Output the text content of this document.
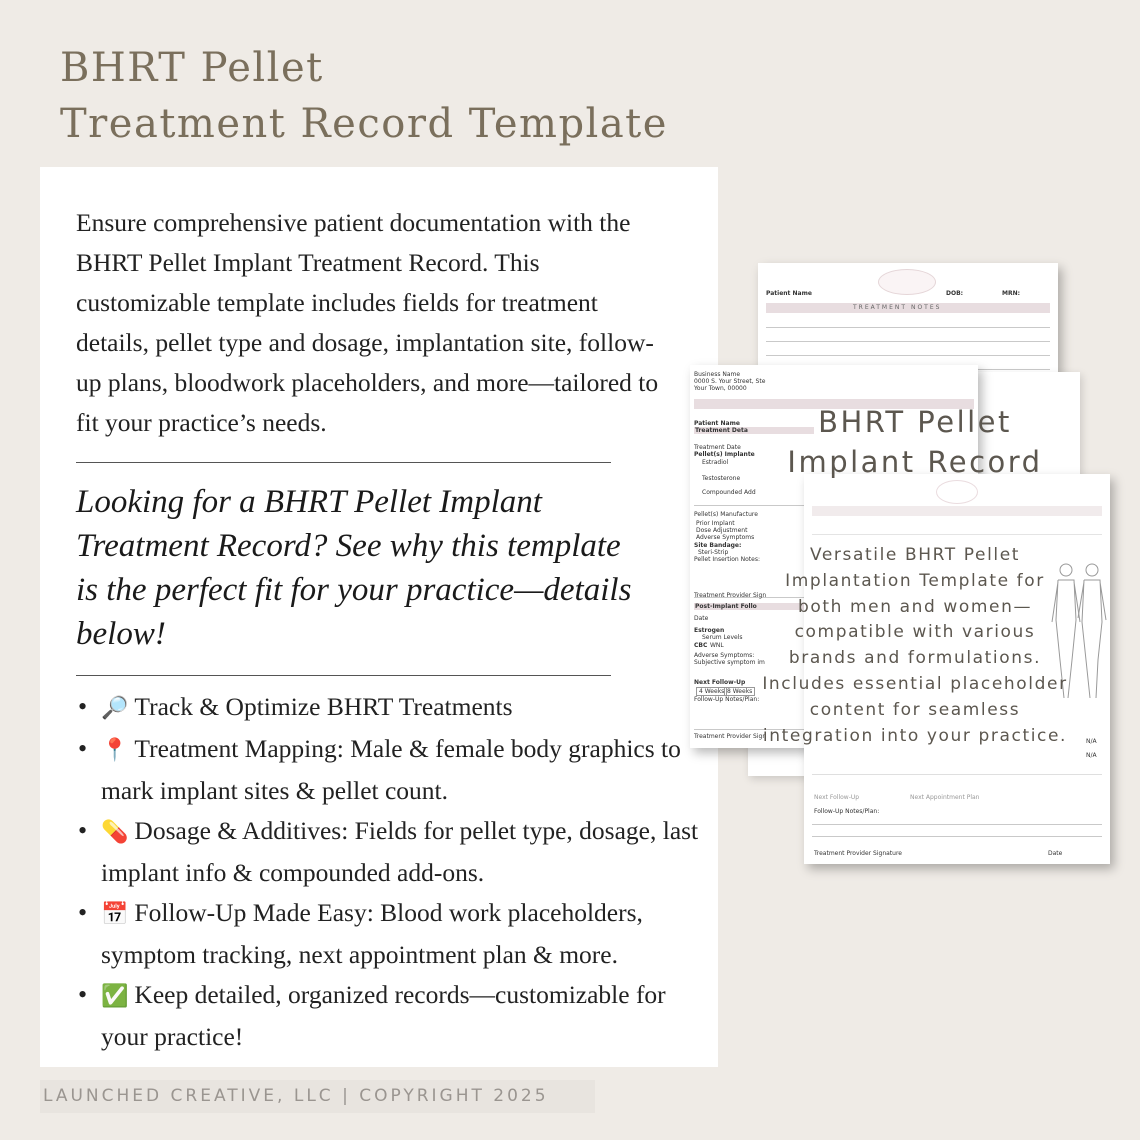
BHRT Pellet
Treatment Record Template
Ensure comprehensive patient documentation with the BHRT Pellet Implant Treatment Record. This customizable template includes fields for treatment details, pellet type and dosage, implantation site, follow-up plans, bloodwork placeholders, and more—tailored to fit your practice’s needs.
Looking for a BHRT Pellet Implant Treatment Record? See why this template is the perfect fit for your practice—details below!
• 🔎 Track & Optimize BHRT Treatments
• 📍 Treatment Mapping: Male & female body graphics to mark implant sites & pellet count.
• 💊 Dosage & Additives: Fields for pellet type, dosage, last implant info & compounded add-ons.
• 📅 Follow-Up Made Easy: Blood work placeholders, symptom tracking, next appointment plan & more.
• ✅ Keep detailed, organized records—customizable for your practice!
Patient Name	DOB:	MRN:
TREATMENT NOTES
Business Name
0000 S. Your Street, Ste
Your Town, 00000
Patient Name
Treatment Deta
Treatment Date
Pellet(s) Implante
Estradiol
Testosterone
Compounded Add
Pellet(s) Manufacture
Prior Implant
Dose Adjustment
Adverse Symptoms
Site Bandage:
Steri-Strip
Pellet Insertion Notes:
Treatment Provider Sign
Post-Implant Follo
Date
Estrogen
Serum Levels
CBC WNL
Adverse Symptoms:
Subjective symptom im
Next Follow-Up
4 Weeks 8 Weeks
Follow-Up Notes/Plan:
Treatment Provider Sign
Next Follow-Up	Next Appointment Plan
Follow-Up Notes/Plan:
Treatment Provider Signature	Date
N/A
N/A
BHRT Pellet
Implant Record
Versatile BHRT Pellet Implantation Template for both men and women—compatible with various brands and formulations. Includes essential placeholder content for seamless integration into your practice.
LAUNCHED CREATIVE, LLC | COPYRIGHT 2025
